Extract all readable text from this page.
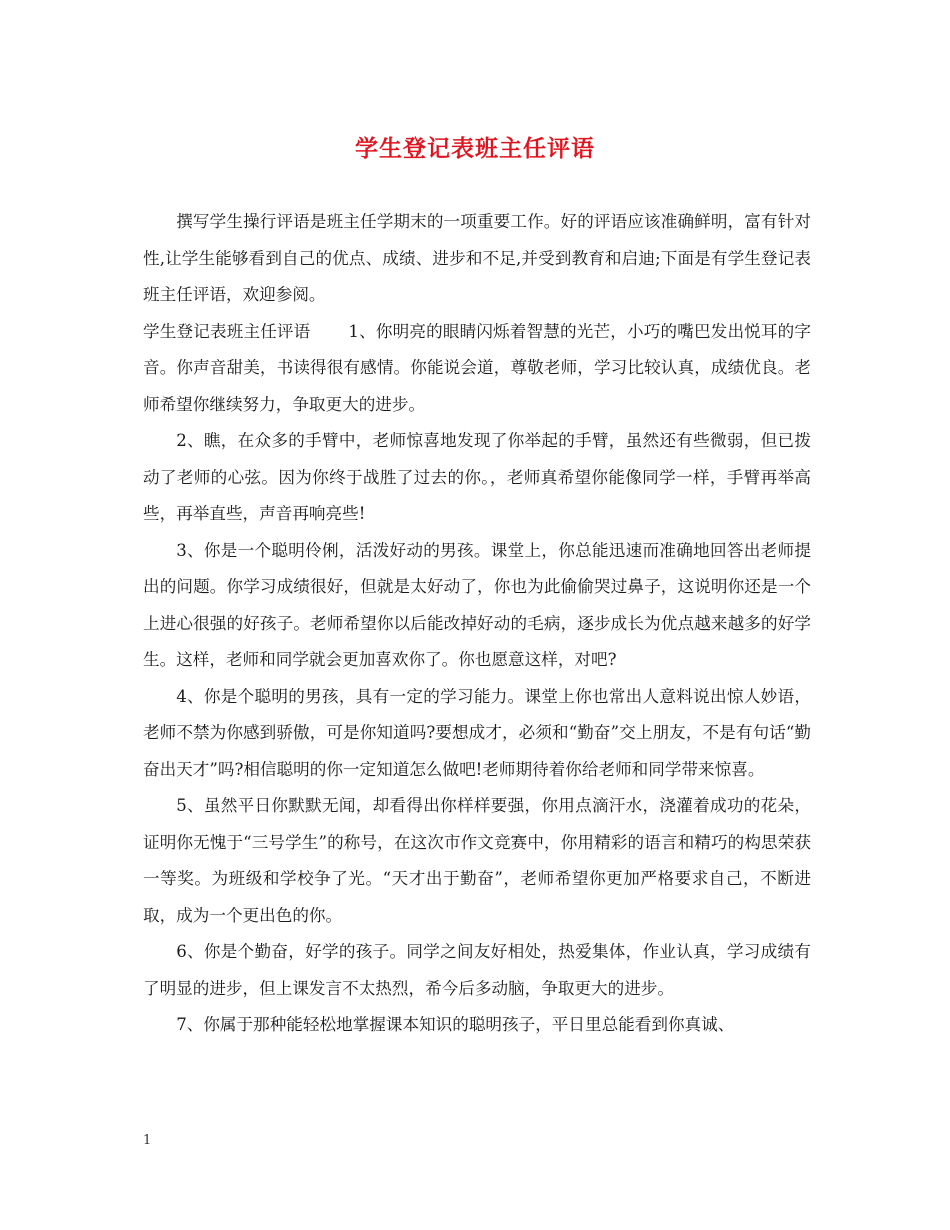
学生登记表班主任评语

撰写学生操行评语是班主任学期末的一项重要工作。好的评语应该准确鲜明，富有针对性,让学生能够看到自己的优点、成绩、进步和不足,并受到教育和启迪;下面是有学生登记表班主任评语，欢迎参阅。

学生登记表班主任评语 1、你明亮的眼睛闪烁着智慧的光芒，小巧的嘴巴发出悦耳的字音。你声音甜美，书读得很有感情。你能说会道，尊敬老师，学习比较认真，成绩优良。老师希望你继续努力，争取更大的进步。

2、瞧，在众多的手臂中，老师惊喜地发现了你举起的手臂，虽然还有些微弱，但已拨动了老师的心弦。因为你终于战胜了过去的你。，老师真希望你能像同学一样，手臂再举高些，再举直些，声音再响亮些!

3、你是一个聪明伶俐，活泼好动的男孩。课堂上，你总能迅速而准确地回答出老师提出的问题。你学习成绩很好，但就是太好动了，你也为此偷偷哭过鼻子，这说明你还是一个上进心很强的好孩子。老师希望你以后能改掉好动的毛病，逐步成长为优点越来越多的好学生。这样，老师和同学就会更加喜欢你了。你也愿意这样，对吧?

4、你是个聪明的男孩，具有一定的学习能力。课堂上你也常出人意料说出惊人妙语，老师不禁为你感到骄傲，可是你知道吗?要想成才，必须和“勤奋”交上朋友，不是有句话“勤奋出天才”吗?相信聪明的你一定知道怎么做吧!老师期待着你给老师和同学带来惊喜。

5、虽然平日你默默无闻，却看得出你样样要强，你用点滴汗水，浇灌着成功的花朵，证明你无愧于“三号学生”的称号，在这次市作文竞赛中，你用精彩的语言和精巧的构思荣获一等奖。为班级和学校争了光。“天才出于勤奋”，老师希望你更加严格要求自己，不断进取，成为一个更出色的你。

6、你是个勤奋，好学的孩子。同学之间友好相处，热爱集体，作业认真，学习成绩有了明显的进步，但上课发言不太热烈，希今后多动脑，争取更大的进步。

7、你属于那种能轻松地掌握课本知识的聪明孩子，平日里总能看到你真诚、

1
